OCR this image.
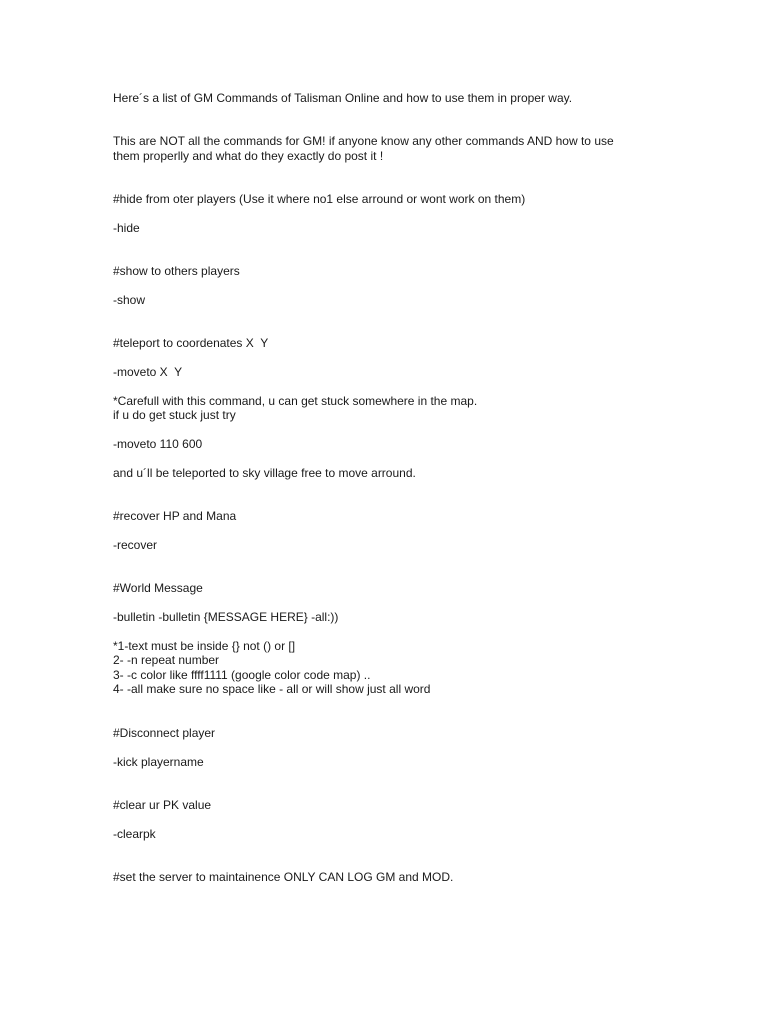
Here´s a list of GM Commands of Talisman Online and how to use them in proper way.

This are NOT all the commands for GM! if anyone know any other commands AND how to use

them properlly and what do they exactly do post it !

#hide from oter players (Use it where no1 else arround or wont work on them)

-hide

#show to others players

-show

#teleport to coordenates X  Y

-moveto X  Y

*Carefull with this command, u can get stuck somewhere in the map.

if u do get stuck just try

-moveto 110 600

and u´ll be teleported to sky village free to move arround.

#recover HP and Mana

-recover

#World Message

-bulletin -bulletin {MESSAGE HERE} -all:))

*1-text must be inside {} not () or []

2- -n repeat number

3- -c color like ffff1111 (google color code map) ..

4- -all make sure no space like - all or will show just all word

#Disconnect player

-kick playername

#clear ur PK value

-clearpk

#set the server to maintainence ONLY CAN LOG GM and MOD.
